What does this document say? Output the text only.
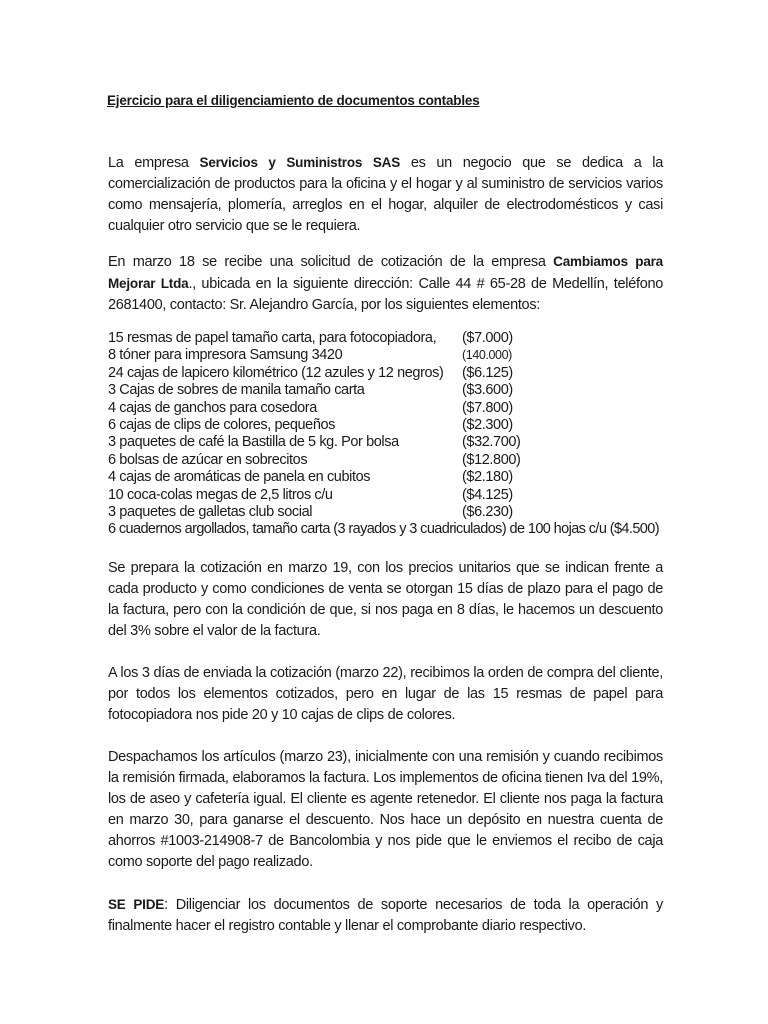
Ejercicio para el diligenciamiento de documentos contables

La empresa Servicios y Suministros SAS es un negocio que se dedica a la comercialización de productos para la oficina y el hogar y al suministro de servicios varios como mensajería, plomería, arreglos en el hogar, alquiler de electrodomésticos y casi cualquier otro servicio que se le requiera.

En marzo 18 se recibe una solicitud de cotización de la empresa Cambiamos para Mejorar Ltda., ubicada en la siguiente dirección: Calle 44 # 65-28 de Medellín, teléfono 2681400, contacto: Sr. Alejandro García, por los siguientes elementos:

15 resmas de papel tamaño carta, para fotocopiadora, ($7.000)
8 tóner para impresora Samsung 3420	(140.000)
24 cajas de lapicero kilométrico (12 azules y 12 negros) ($6.125)
3 Cajas de sobres de manila tamaño carta	($3.600)
4 cajas de ganchos para cosedora	($7.800)
6 cajas de clips de colores, pequeños	($2.300)
3 paquetes de café la Bastilla de 5 kg. Por bolsa	($32.700)
6 bolsas de azúcar en sobrecitos	($12.800)
4 cajas de aromáticas de panela en cubitos	($2.180)
10 coca-colas megas de 2,5 litros c/u	($4.125)
3 paquetes de galletas club social	($6.230)
6 cuadernos argollados, tamaño carta (3 rayados y 3 cuadriculados) de 100 hojas c/u ($4.500)

Se prepara la cotización en marzo 19, con los precios unitarios que se indican frente a cada producto y como condiciones de venta se otorgan 15 días de plazo para el pago de la factura, pero con la condición de que, si nos paga en 8 días, le hacemos un descuento del 3% sobre el valor de la factura.

A los 3 días de enviada la cotización (marzo 22), recibimos la orden de compra del cliente, por todos los elementos cotizados, pero en lugar de las 15 resmas de papel para fotocopiadora nos pide 20 y 10 cajas de clips de colores.

Despachamos los artículos (marzo 23), inicialmente con una remisión y cuando recibimos la remisión firmada, elaboramos la factura. Los implementos de oficina tienen Iva del 19%, los de aseo y cafetería igual. El cliente es agente retenedor. El cliente nos paga la factura en marzo 30, para ganarse el descuento. Nos hace un depósito en nuestra cuenta de ahorros #1003-214908-7 de Bancolombia y nos pide que le enviemos el recibo de caja como soporte del pago realizado.

SE PIDE: Diligenciar los documentos de soporte necesarios de toda la operación y finalmente hacer el registro contable y llenar el comprobante diario respectivo.
